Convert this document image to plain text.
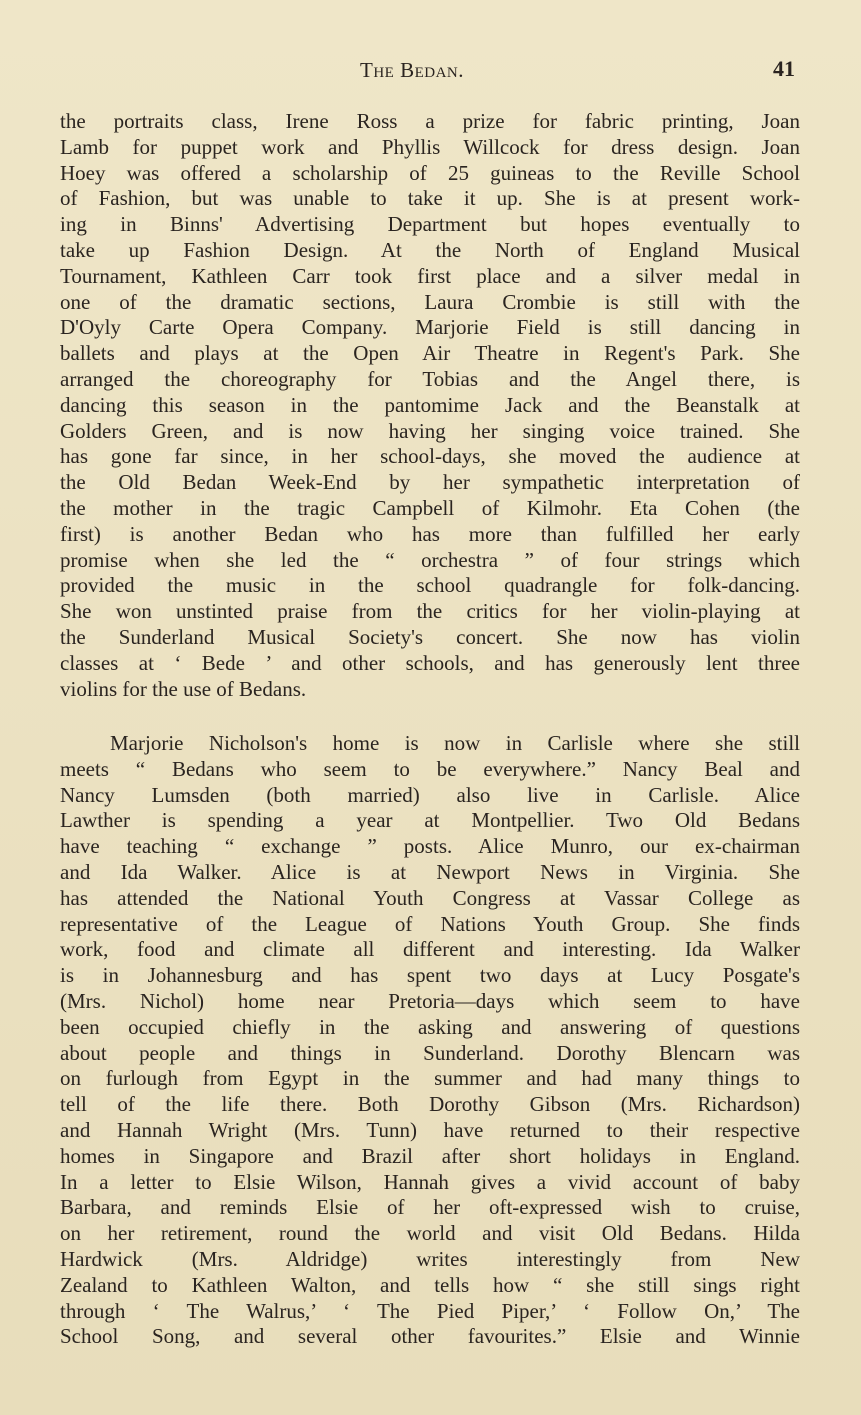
The Bedan.	41
the portraits class, Irene Ross a prize for fabric printing, Joan
Lamb for puppet work and Phyllis Willcock for dress design. Joan
Hoey was offered a scholarship of 25 guineas to the Reville School
of Fashion, but was unable to take it up. She is at present work-
ing in Binns' Advertising Department but hopes eventually to
take up Fashion Design. At the North of England Musical
Tournament, Kathleen Carr took first place and a silver medal in
one of the dramatic sections, Laura Crombie is still with the
D'Oyly Carte Opera Company. Marjorie Field is still dancing in
ballets and plays at the Open Air Theatre in Regent's Park. She
arranged the choreography for Tobias and the Angel there, is
dancing this season in the pantomime Jack and the Beanstalk at
Golders Green, and is now having her singing voice trained. She
has gone far since, in her school-days, she moved the audience at
the Old Bedan Week-End by her sympathetic interpretation of
the mother in the tragic Campbell of Kilmohr. Eta Cohen (the
first) is another Bedan who has more than fulfilled her early
promise when she led the “ orchestra ” of four strings which
provided the music in the school quadrangle for folk-dancing.
She won unstinted praise from the critics for her violin-playing at
the Sunderland Musical Society's concert. She now has violin
classes at ‘ Bede ’ and other schools, and has generously lent three
violins for the use of Bedans.
Marjorie Nicholson's home is now in Carlisle where she still
meets “ Bedans who seem to be everywhere.” Nancy Beal and
Nancy Lumsden (both married) also live in Carlisle. Alice
Lawther is spending a year at Montpellier. Two Old Bedans
have teaching “ exchange ” posts. Alice Munro, our ex-chairman
and Ida Walker. Alice is at Newport News in Virginia. She
has attended the National Youth Congress at Vassar College as
representative of the League of Nations Youth Group. She finds
work, food and climate all different and interesting. Ida Walker
is in Johannesburg and has spent two days at Lucy Posgate's
(Mrs. Nichol) home near Pretoria—days which seem to have
been occupied chiefly in the asking and answering of questions
about people and things in Sunderland. Dorothy Blencarn was
on furlough from Egypt in the summer and had many things to
tell of the life there. Both Dorothy Gibson (Mrs. Richardson)
and Hannah Wright (Mrs. Tunn) have returned to their respective
homes in Singapore and Brazil after short holidays in England.
In a letter to Elsie Wilson, Hannah gives a vivid account of baby
Barbara, and reminds Elsie of her oft-expressed wish to cruise,
on her retirement, round the world and visit Old Bedans. Hilda
Hardwick (Mrs. Aldridge) writes interestingly from New
Zealand to Kathleen Walton, and tells how “ she still sings right
through ‘ The Walrus,’ ‘ The Pied Piper,’ ‘ Follow On,’ The
School Song, and several other favourites.” Elsie and Winnie
